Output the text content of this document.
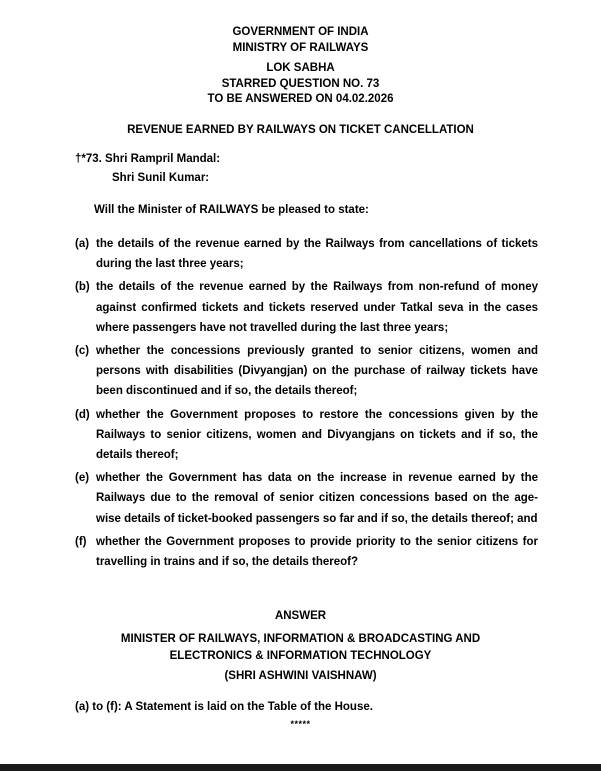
GOVERNMENT OF INDIA
MINISTRY OF RAILWAYS
LOK SABHA
STARRED QUESTION NO. 73
TO BE ANSWERED ON 04.02.2026
REVENUE EARNED BY RAILWAYS ON TICKET CANCELLATION
†*73. Shri Rampril Mandal:
Shri Sunil Kumar:
Will the Minister of RAILWAYS be pleased to state:
(a) the details of the revenue earned by the Railways from cancellations of tickets during the last three years;
(b) the details of the revenue earned by the Railways from non-refund of money against confirmed tickets and tickets reserved under Tatkal seva in the cases where passengers have not travelled during the last three years;
(c) whether the concessions previously granted to senior citizens, women and persons with disabilities (Divyangjan) on the purchase of railway tickets have been discontinued and if so, the details thereof;
(d) whether the Government proposes to restore the concessions given by the Railways to senior citizens, women and Divyangjans on tickets and if so, the details thereof;
(e) whether the Government has data on the increase in revenue earned by the Railways due to the removal of senior citizen concessions based on the age-wise details of ticket-booked passengers so far and if so, the details thereof; and
(f) whether the Government proposes to provide priority to the senior citizens for travelling in trains and if so, the details thereof?
ANSWER
MINISTER OF RAILWAYS, INFORMATION & BROADCASTING AND
ELECTRONICS & INFORMATION TECHNOLOGY
(SHRI ASHWINI VAISHNAW)
(a) to (f): A Statement is laid on the Table of the House.
*****
